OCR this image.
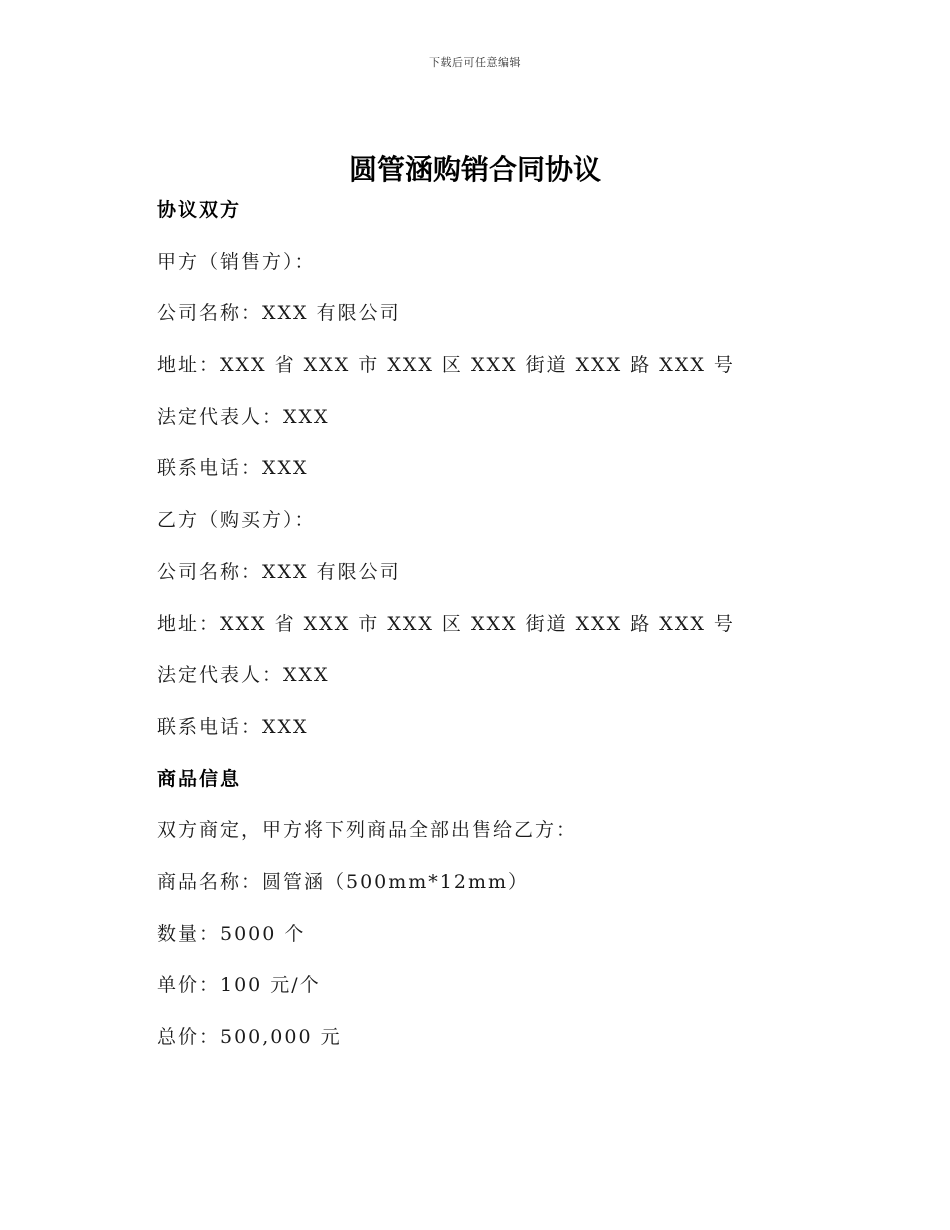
下载后可任意编辑
圆管涵购销合同协议
协议双方
甲方（销售方）：
公司名称：XXX 有限公司
地址：XXX 省 XXX 市 XXX 区 XXX 街道 XXX 路 XXX 号
法定代表人：XXX
联系电话：XXX
乙方（购买方）：
公司名称：XXX 有限公司
地址：XXX 省 XXX 市 XXX 区 XXX 街道 XXX 路 XXX 号
法定代表人：XXX
联系电话：XXX
商品信息
双方商定，甲方将下列商品全部出售给乙方：
商品名称：圆管涵（500mm*12mm）
数量：5000 个
单价：100 元/个
总价：500,000 元
